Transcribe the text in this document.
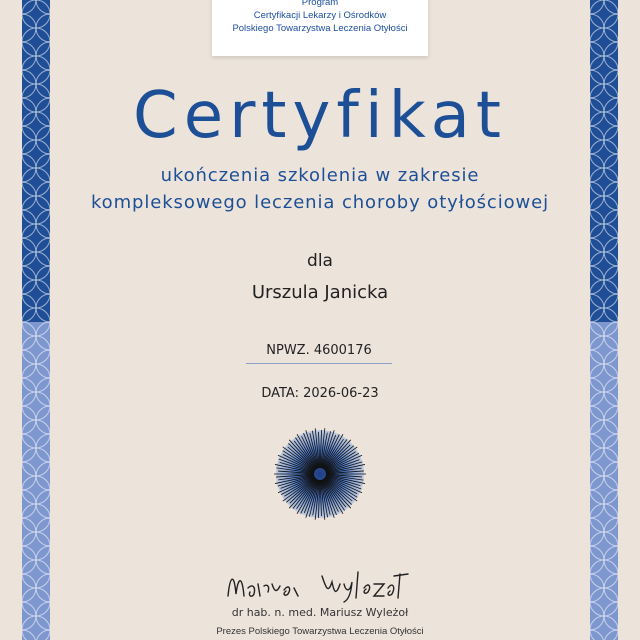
Program
Certyfikacji Lekarzy i Ośrodków
Polskiego Towarzystwa Leczenia Otyłości
Certyfikat
ukończenia szkolenia w zakresie
kompleksowego leczenia choroby otyłościowej
dla
Urszula Janicka
NPWZ. 4600176
DATA: 2026-06-23
dr hab. n. med. Mariusz Wyleżoł
Prezes Polskiego Towarzystwa Leczenia Otyłości
